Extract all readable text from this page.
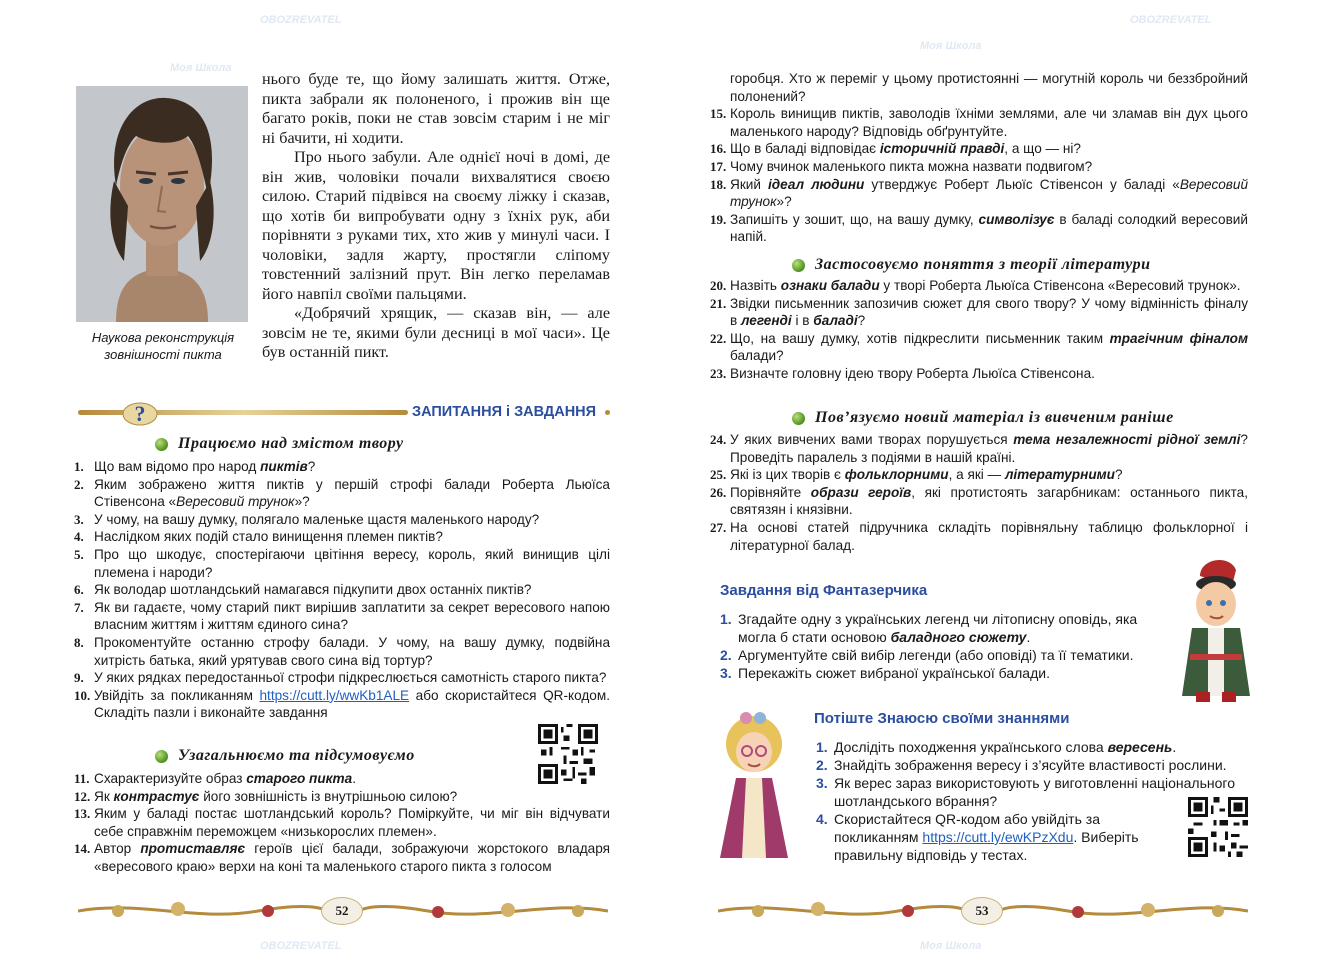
Наукова реконструкція зовнішності пикта

нього буде те, що йому залишать життя. Отже, пикта забрали як полоненого, і прожив він ще багато років, поки не став зовсім старим і не міг ні бачити, ні ходити.

Про нього забули. Але однієї ночі в домі, де він жив, чоловіки почали вихвалятися своєю силою. Старий підвівся на своєму ліжку і сказав, що хотів би випробувати одну з їхніх рук, аби порівняти з руками тих, хто жив у минулі часи. І чоловіки, задля жарту, простягли сліпому товстенний залізний прут. Він легко переламав його навпіл своїми пальцями.

«Добрячий хрящик, — сказав він, — але зовсім не те, якими були десниці в мої часи». Це був останній пикт.

?	ЗАПИТАННЯ і ЗАВДАННЯ
Працюємо над змістом твору
1. Що вам відомо про народ пиктів?
2. Яким зображено життя пиктів у першій строфі балади Роберта Льюїса Стівенсона «Вересовий трунок»?
3. У чому, на вашу думку, полягало маленьке щастя маленького народу?
4. Наслідком яких подій стало винищення племен пиктів?
5. Про що шкодує, спостерігаючи цвітіння вересу, король, який винищив цілі племена і народи?
6. Як володар шотландський намагався підкупити двох останніх пиктів?
7. Як ви гадаєте, чому старий пикт вирішив заплатити за секрет вересового напою власним життям і життям єдиного сина?
8. Прокоментуйте останню строфу балади. У чому, на вашу думку, подвійна хитрість батька, який урятував свого сина від тортур?
9. У яких рядках передостанньої строфи підкреслюється самотність старого пикта?
10. Увійдіть за покликанням https://cutt.ly/wwKb1ALE або скористайтеся QR-кодом. Складіть пазли і виконайте завдання
Узагальнюємо та підсумовуємо
11. Схарактеризуйте образ старого пикта.
12. Як контрастує його зовнішність із внутрішньою силою?
13. Яким у баладі постає шотландський король? Поміркуйте, чи міг він відчувати себе справжнім переможцем «низькорослих племен».
14. Автор протиставляє героїв цієї балади, зображуючи жорстокого владаря «вересового краю» верхи на коні та маленького старого пикта з голосом
52
горобця. Хто ж переміг у цьому протистоянні — могутній король чи беззбройний полонений?
15. Король винищив пиктів, заволодів їхніми землями, але чи зламав він дух цього маленького народу? Відповідь обґрунтуйте.
16. Що в баладі відповідає історичній правді, а що — ні?
17. Чому вчинок маленького пикта можна назвати подвигом?
18. Який ідеал людини утверджує Роберт Льюїс Стівенсон у баладі «Вересовий трунок»?
19. Запишіть у зошит, що, на вашу думку, символізує в баладі солодкий вересовий напій.
Застосовуємо поняття з теорії літератури
20. Назвіть ознаки балади у творі Роберта Льюїса Стівенсона «Вересовий трунок».
21. Звідки письменник запозичив сюжет для свого твору? У чому відмінність фіналу в легенді і в баладі?
22. Що, на вашу думку, хотів підкреслити письменник таким трагічним фіналом балади?
23. Визначте головну ідею твору Роберта Льюїса Стівенсона.
Пов’язуємо новий матеріал із вивченим раніше
24. У яких вивчених вами творах порушується тема незалежності рідної землі? Проведіть паралель з подіями в нашій країні.
25. Які із цих творів є фольклорними, а які — літературними?
26. Порівняйте образи героїв, які протистоять загарбникам: останнього пикта, святязян і князівни.
27. На основі статей підручника складіть порівняльну таблицю фольклорної і літературної балад.
Завдання від Фантазерчика
1. Згадайте одну з українських легенд чи літописну оповідь, яка могла б стати основою баладного сюжету.
2. Аргументуйте свій вибір легенди (або оповіді) та її тематики.
3. Перекажіть сюжет вибраної української балади.
Потіште Знаюсю своїми знаннями
1. Дослідіть походження українського слова вересень.
2. Знайдіть зображення вересу і з’ясуйте властивості рослини.
3. Як верес зараз використовують у виготовленні національного шотландського вбрання?
4. Скористайтеся QR-кодом або увійдіть за покликанням https://cutt.ly/ewKPzXdu. Виберіть правильну відповідь у тестах.
53
Моя Школа
OBOZREVATEL
Моя Школа
OBOZREVATEL
Моя Школа
OBOZREVATEL
